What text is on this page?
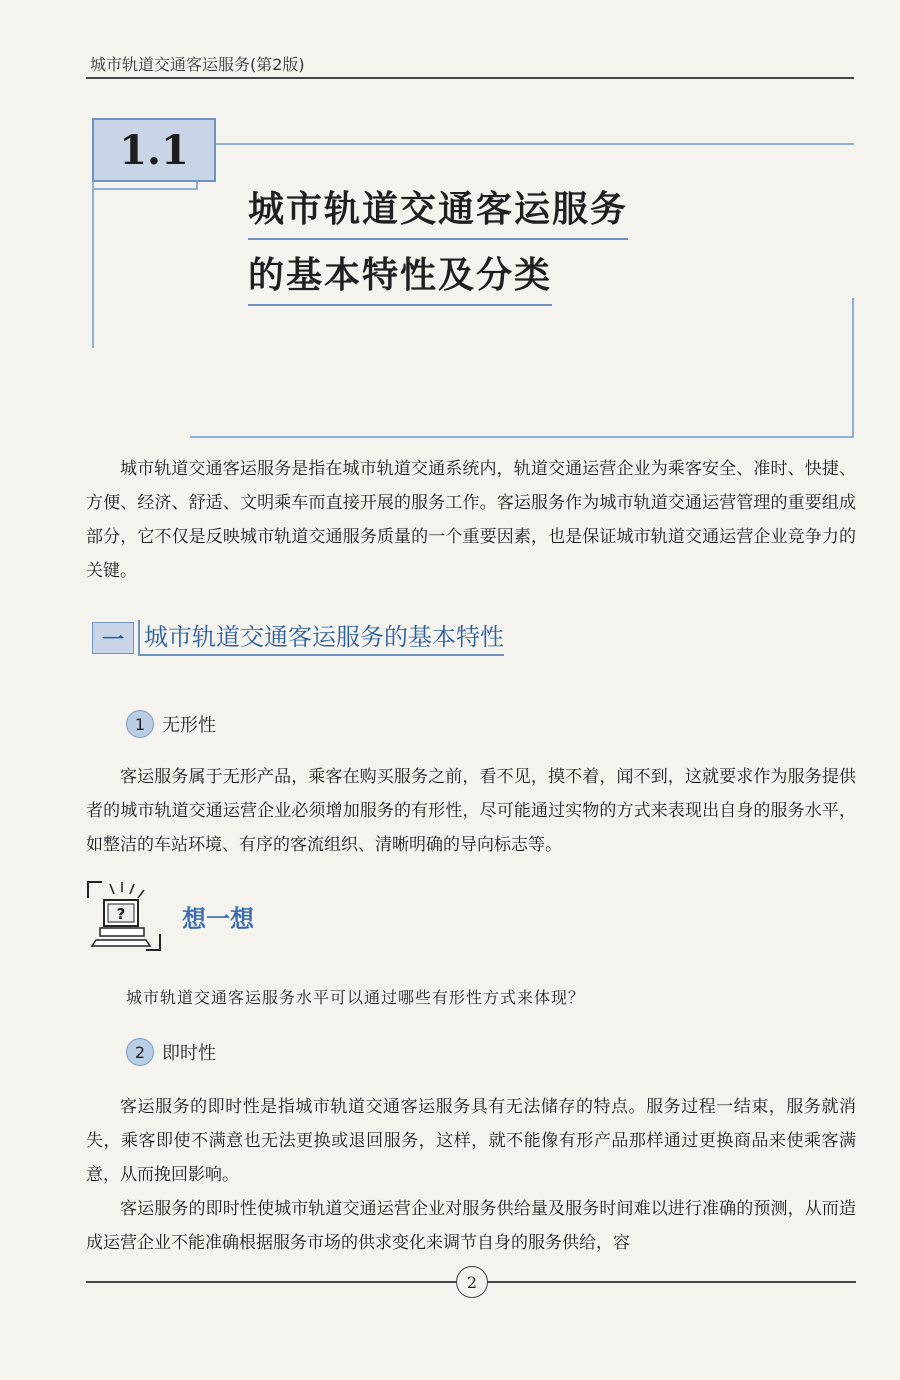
城市轨道交通客运服务(第2版)
1.1
城市轨道交通客运服务
的基本特性及分类

城市轨道交通客运服务是指在城市轨道交通系统内，轨道交通运营企业为乘客安全、准时、快捷、方便、经济、舒适、文明乘车而直接开展的服务工作。客运服务作为城市轨道交通运营管理的重要组成部分，它不仅是反映城市轨道交通服务质量的一个重要因素，也是保证城市轨道交通运营企业竞争力的关键。

一 城市轨道交通客运服务的基本特性
1 无形性

客运服务属于无形产品，乘客在购买服务之前，看不见，摸不着，闻不到，这就要求作为服务提供者的城市轨道交通运营企业必须增加服务的有形性，尽可能通过实物的方式来表现出自身的服务水平，如整洁的车站环境、有序的客流组织、清晰明确的导向标志等。

? 想一想
城市轨道交通客运服务水平可以通过哪些有形性方式来体现？
2 即时性

客运服务的即时性是指城市轨道交通客运服务具有无法储存的特点。服务过程一结束，服务就消失，乘客即使不满意也无法更换或退回服务，这样，就不能像有形产品那样通过更换商品来使乘客满意，从而挽回影响。

客运服务的即时性使城市轨道交通运营企业对服务供给量及服务时间难以进行准确的预测，从而造成运营企业不能准确根据服务市场的供求变化来调节自身的服务供给，容

2
